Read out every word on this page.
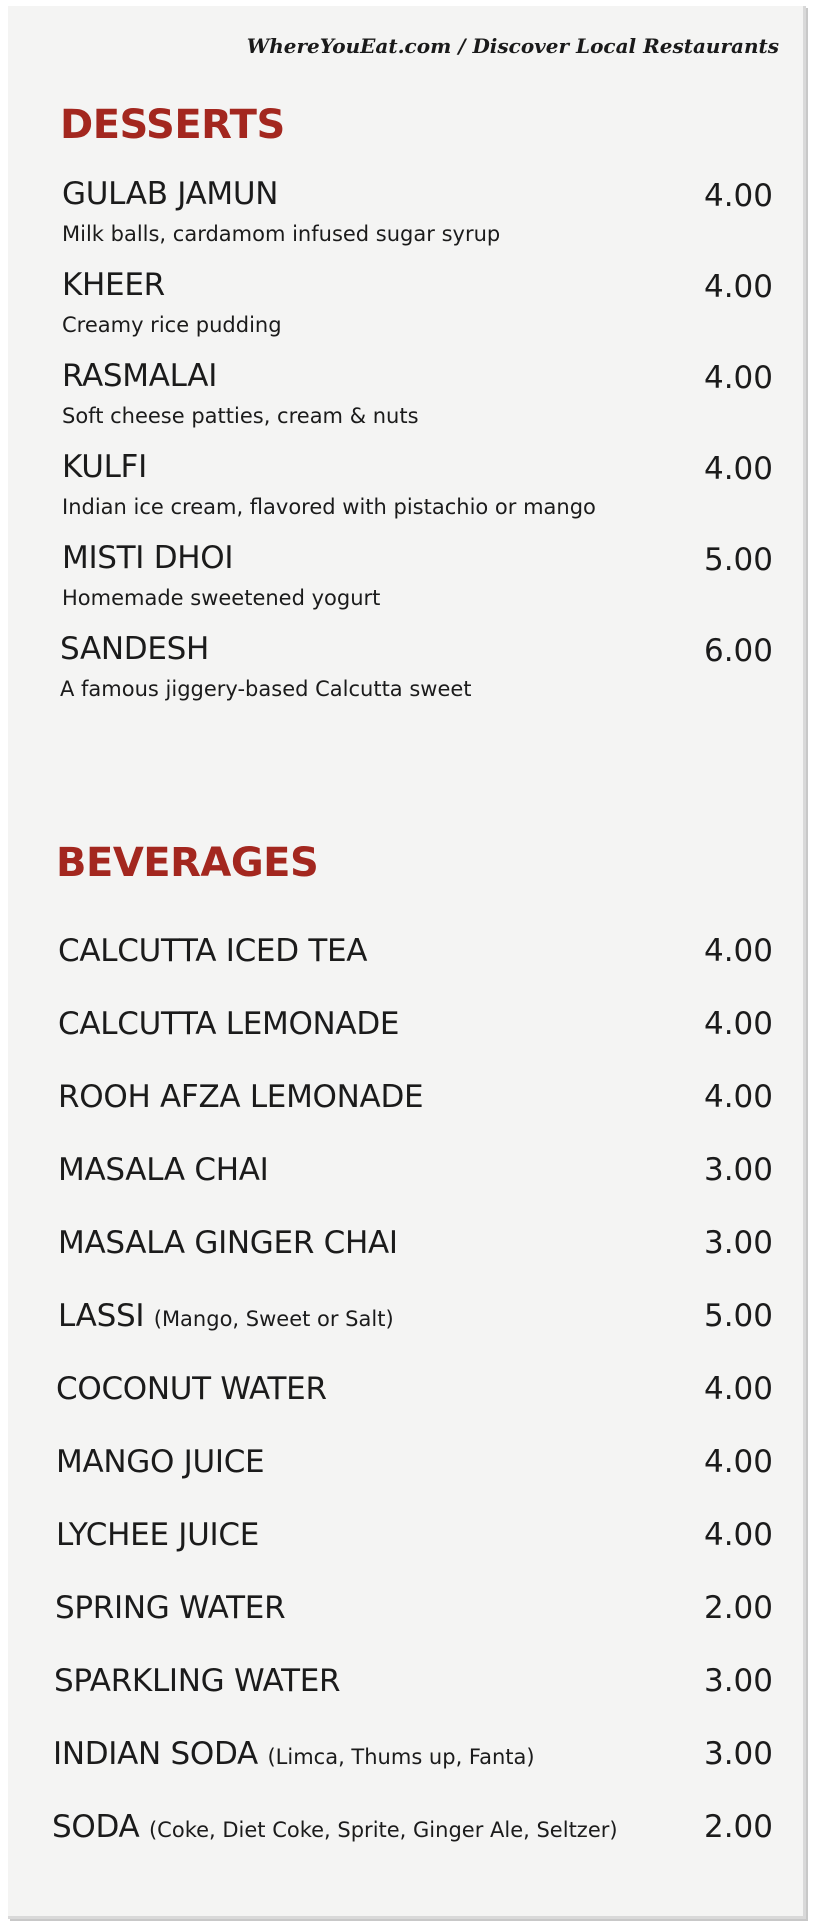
WhereYouEat.com / Discover Local Restaurants
DESSERTS
GULAB JAMUN
Milk balls, cardamom infused sugar syrup
4.00
KHEER
Creamy rice pudding
4.00
RASMALAI
Soft cheese patties, cream & nuts
4.00
KULFI
Indian ice cream, flavored with pistachio or mango
4.00
MISTI DHOI
Homemade sweetened yogurt
5.00
SANDESH
A famous jiggery-based Calcutta sweet
6.00
BEVERAGES
CALCUTTA ICED TEA	4.00
CALCUTTA LEMONADE	4.00
ROOH AFZA LEMONADE	4.00
MASALA CHAI	3.00
MASALA GINGER CHAI	3.00
LASSI (Mango, Sweet or Salt)	5.00
COCONUT WATER	4.00
MANGO JUICE	4.00
LYCHEE JUICE	4.00
SPRING WATER	2.00
SPARKLING WATER	3.00
INDIAN SODA (Limca, Thums up, Fanta)	3.00
SODA (Coke, Diet Coke, Sprite, Ginger Ale, Seltzer)	2.00
